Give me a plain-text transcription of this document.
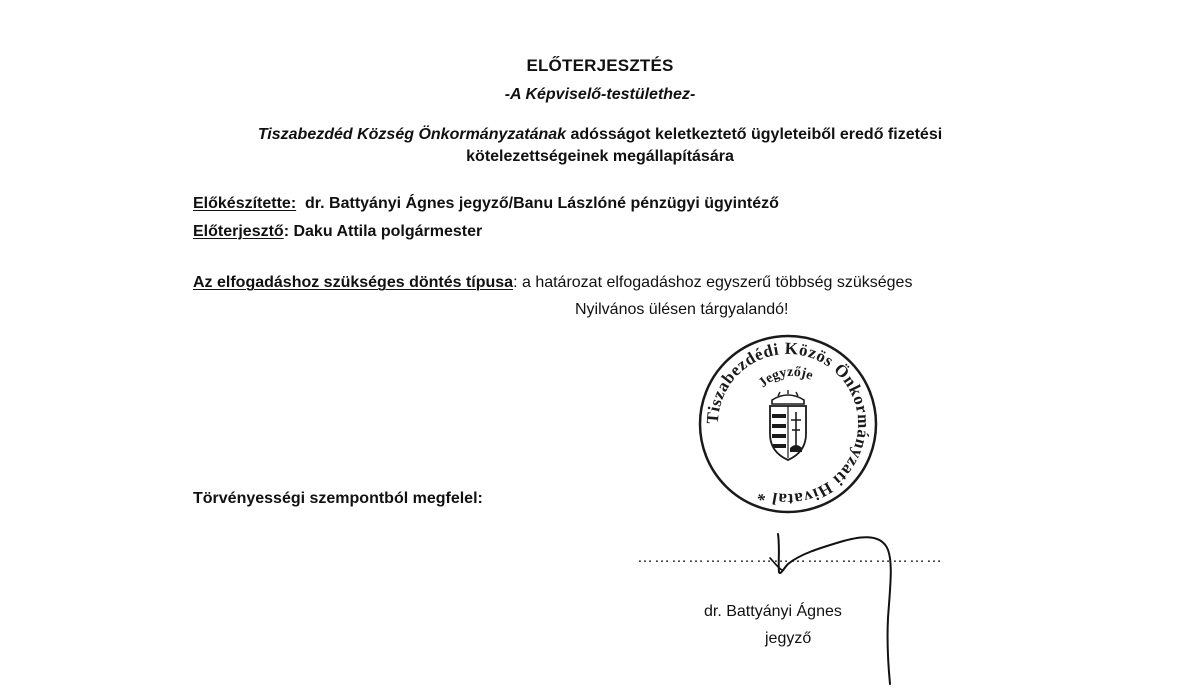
ELŐTERJESZTÉS
-A Képviselő-testülethez-
Tiszabezdéd Község Önkormányzatának adósságot keletkeztető ügyleteiből eredő fizetési
kötelezettségeinek megállapítására
Előkészítette:  dr. Battyányi Ágnes jegyző/Banu Lászlóné pénzügyi ügyintéző
Előterjesztő: Daku Attila polgármester
Az elfogadáshoz szükséges döntés típusa: a határozat elfogadáshoz egyszerű többség szükséges
Nyilvános ülésen tárgyalandó!
Tiszabezdédi Közös Önkormányzati Hivatal *
Jegyzője
Törvényességi szempontból megfelel:
………………………………………………
dr. Battyányi Ágnes
jegyző
